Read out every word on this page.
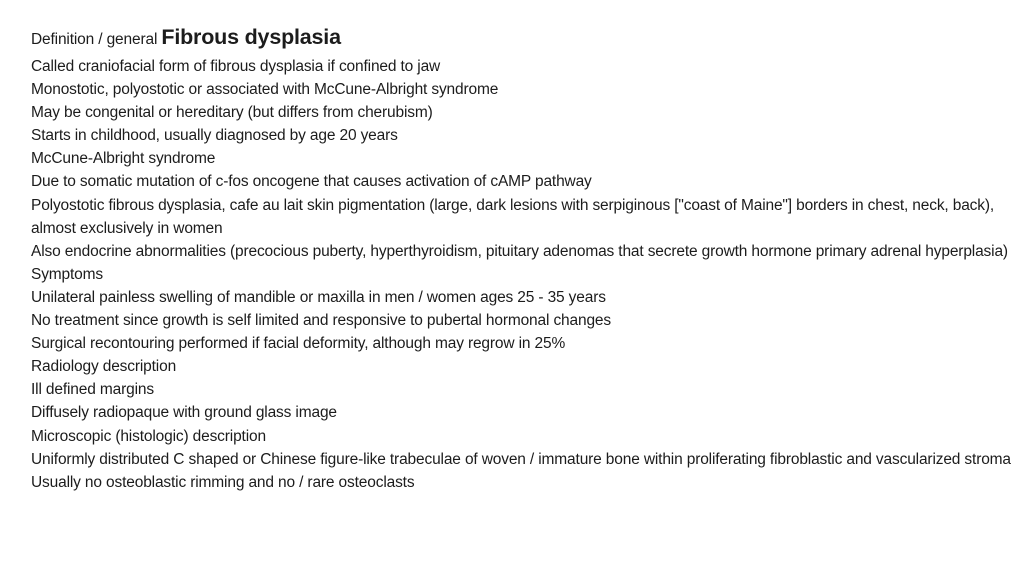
Definition / general Fibrous dysplasia
Called craniofacial form of fibrous dysplasia if confined to jaw
Monostotic, polyostotic or associated with McCune-Albright syndrome
May be congenital or hereditary (but differs from cherubism)
Starts in childhood, usually diagnosed by age 20 years
McCune-Albright syndrome
Due to somatic mutation of c-fos oncogene that causes activation of cAMP pathway
Polyostotic fibrous dysplasia, cafe au lait skin pigmentation (large, dark lesions with serpiginous ["coast of Maine"] borders in chest, neck, back), almost exclusively in women
Also endocrine abnormalities (precocious puberty, hyperthyroidism, pituitary adenomas that secrete growth hormone primary adrenal hyperplasia)
Symptoms
Unilateral painless swelling of mandible or maxilla in men / women ages 25 - 35 years
No treatment since growth is self limited and responsive to pubertal hormonal changes
Surgical recontouring performed if facial deformity, although may regrow in 25%
Radiology description
Ill defined margins
Diffusely radiopaque with ground glass image
Microscopic (histologic) description
Uniformly distributed C shaped or Chinese figure-like trabeculae of woven / immature bone within proliferating fibroblastic and vascularized stroma
Usually no osteoblastic rimming and no / rare osteoclasts
